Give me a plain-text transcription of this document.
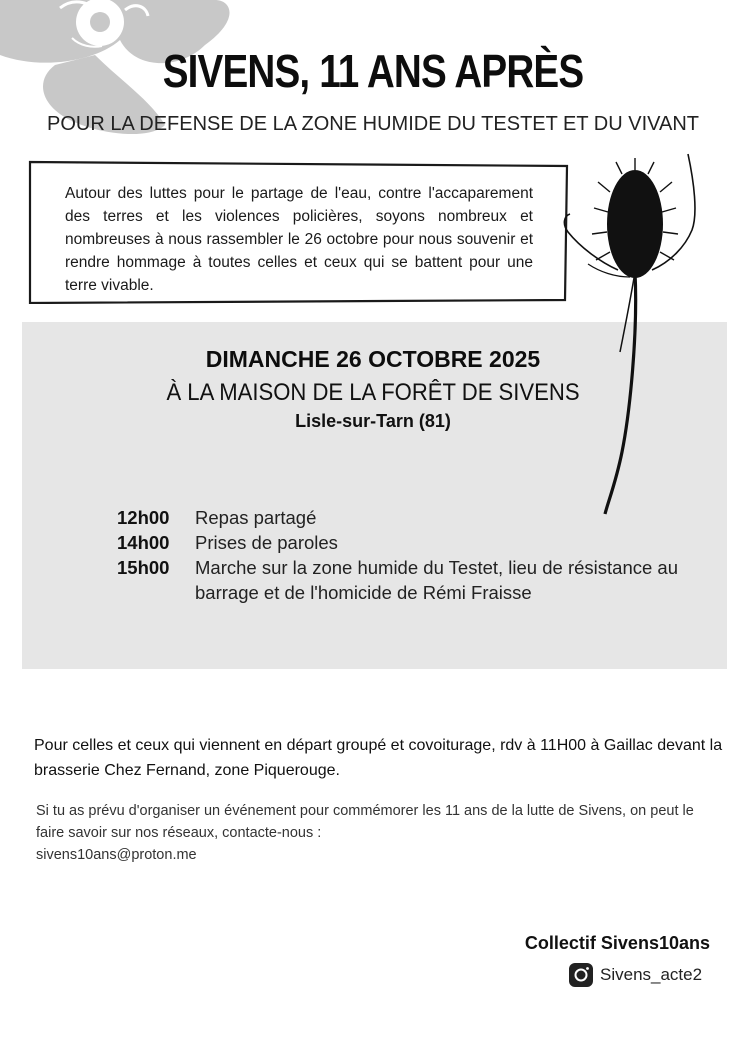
SIVENS, 11 ANS APRÈS

POUR LA DEFENSE DE LA ZONE HUMIDE DU TESTET ET DU VIVANT

Autour des luttes pour le partage de l'eau, contre l'accaparement des terres et les violences policières, soyons nombreux et nombreuses à nous rassembler le 26 octobre pour nous souvenir et rendre hommage à toutes celles et ceux qui se battent pour une terre vivable.

DIMANCHE 26 OCTOBRE 2025

À LA MAISON DE LA FORÊT DE SIVENS

Lisle-sur-Tarn (81)

12h00	Repas partagé
14h00	Prises de paroles
15h00	Marche sur la zone humide du Testet, lieu de résistance au barrage et de l'homicide de Rémi Fraisse

Pour celles et ceux qui viennent en départ groupé et covoiturage, rdv à 11H00 à Gaillac devant la brasserie Chez Fernand, zone Piquerouge.

Si tu as prévu d'organiser un événement pour commémorer les 11 ans de la lutte de Sivens, on peut le faire savoir sur nos réseaux, contacte-nous :
sivens10ans@proton.me

Collectif Sivens10ans

Sivens_acte2
